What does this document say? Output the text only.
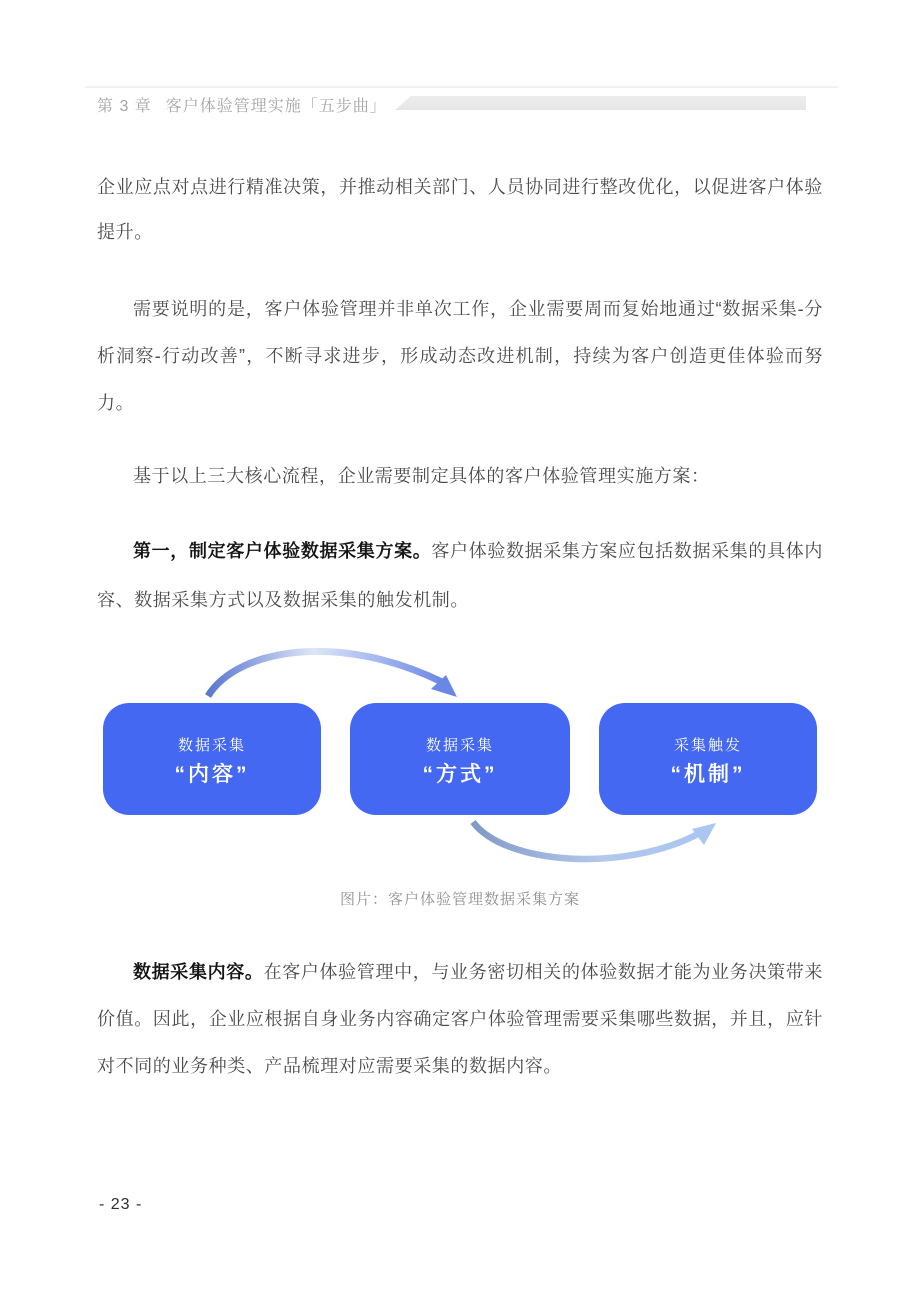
第 3 章 客户体验管理实施「五步曲」
企业应点对点进行精准决策，并推动相关部门、人员协同进行整改优化，以促进客户体验提升。
需要说明的是，客户体验管理并非单次工作，企业需要周而复始地通过“数据采集-分析洞察-行动改善”，不断寻求进步，形成动态改进机制，持续为客户创造更佳体验而努力。
基于以上三大核心流程，企业需要制定具体的客户体验管理实施方案：
第一，制定客户体验数据采集方案。客户体验数据采集方案应包括数据采集的具体内容、数据采集方式以及数据采集的触发机制。
数据采集
“内容”
数据采集
“方式”
采集触发
“机制”
图片：客户体验管理数据采集方案
数据采集内容。在客户体验管理中，与业务密切相关的体验数据才能为业务决策带来价值。因此，企业应根据自身业务内容确定客户体验管理需要采集哪些数据，并且，应针对不同的业务种类、产品梳理对应需要采集的数据内容。
- 23 -
